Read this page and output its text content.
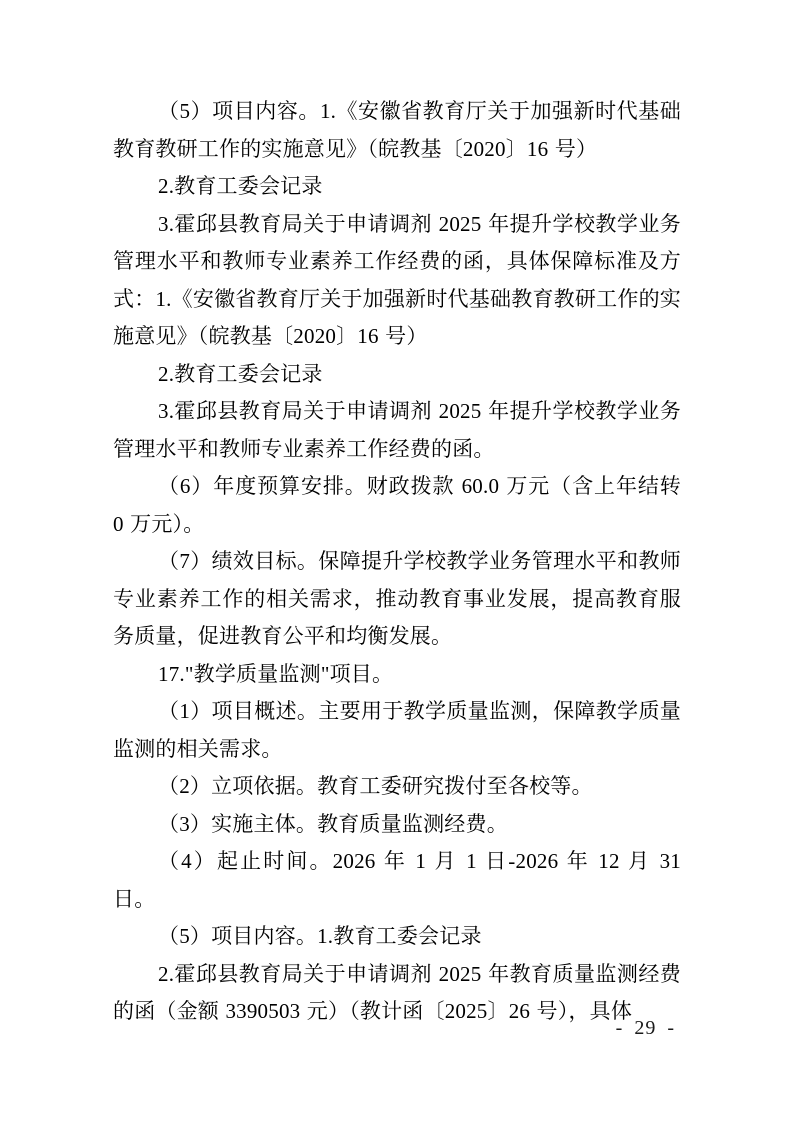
（5）项目内容。1.《安徽省教育厅关于加强新时代基础教育教研工作的实施意见》（皖教基〔2020〕16 号）

2.教育工委会记录

3.霍邱县教育局关于申请调剂 2025 年提升学校教学业务管理水平和教师专业素养工作经费的函，具体保障标准及方式：1.《安徽省教育厅关于加强新时代基础教育教研工作的实施意见》（皖教基〔2020〕16 号）

2.教育工委会记录

3.霍邱县教育局关于申请调剂 2025 年提升学校教学业务管理水平和教师专业素养工作经费的函。

（6）年度预算安排。财政拨款 60.0 万元（含上年结转 0 万元）。

（7）绩效目标。保障提升学校教学业务管理水平和教师专业素养工作的相关需求，推动教育事业发展，提高教育服务质量，促进教育公平和均衡发展。

17."教学质量监测"项目。

（1）项目概述。主要用于教学质量监测，保障教学质量监测的相关需求。

（2）立项依据。教育工委研究拨付至各校等。

（3）实施主体。教育质量监测经费。

（4）起止时间。2026 年 1 月 1 日-2026 年 12 月 31 日。

（5）项目内容。1.教育工委会记录

2.霍邱县教育局关于申请调剂 2025 年教育质量监测经费的函（金额 3390503 元）（教计函〔2025〕26 号），具体

- 29 -
